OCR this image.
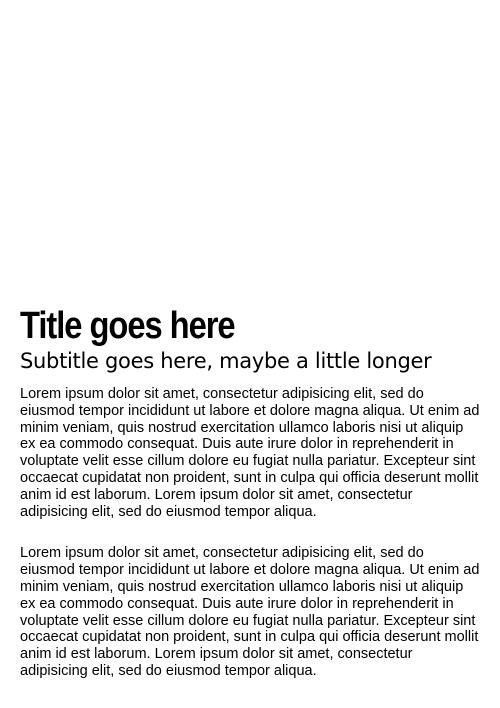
Title goes here
Subtitle goes here, maybe a little longer

Lorem ipsum dolor sit amet, consectetur adipisicing elit, sed do eiusmod tempor incididunt ut labore et dolore magna aliqua. Ut enim ad minim veniam, quis nostrud exercitation ullamco laboris nisi ut aliquip ex ea commodo consequat. Duis aute irure dolor in reprehenderit in voluptate velit esse cillum dolore eu fugiat nulla pariatur. Excepteur sint occaecat cupidatat non proident, sunt in culpa qui officia deserunt mollit anim id est laborum. Lorem ipsum dolor sit amet, consectetur adipisicing elit, sed do eiusmod tempor aliqua.

Lorem ipsum dolor sit amet, consectetur adipisicing elit, sed do eiusmod tempor incididunt ut labore et dolore magna aliqua. Ut enim ad minim veniam, quis nostrud exercitation ullamco laboris nisi ut aliquip ex ea commodo consequat. Duis aute irure dolor in reprehenderit in voluptate velit esse cillum dolore eu fugiat nulla pariatur. Excepteur sint occaecat cupidatat non proident, sunt in culpa qui officia deserunt mollit anim id est laborum. Lorem ipsum dolor sit amet, consectetur adipisicing elit, sed do eiusmod tempor aliqua.
